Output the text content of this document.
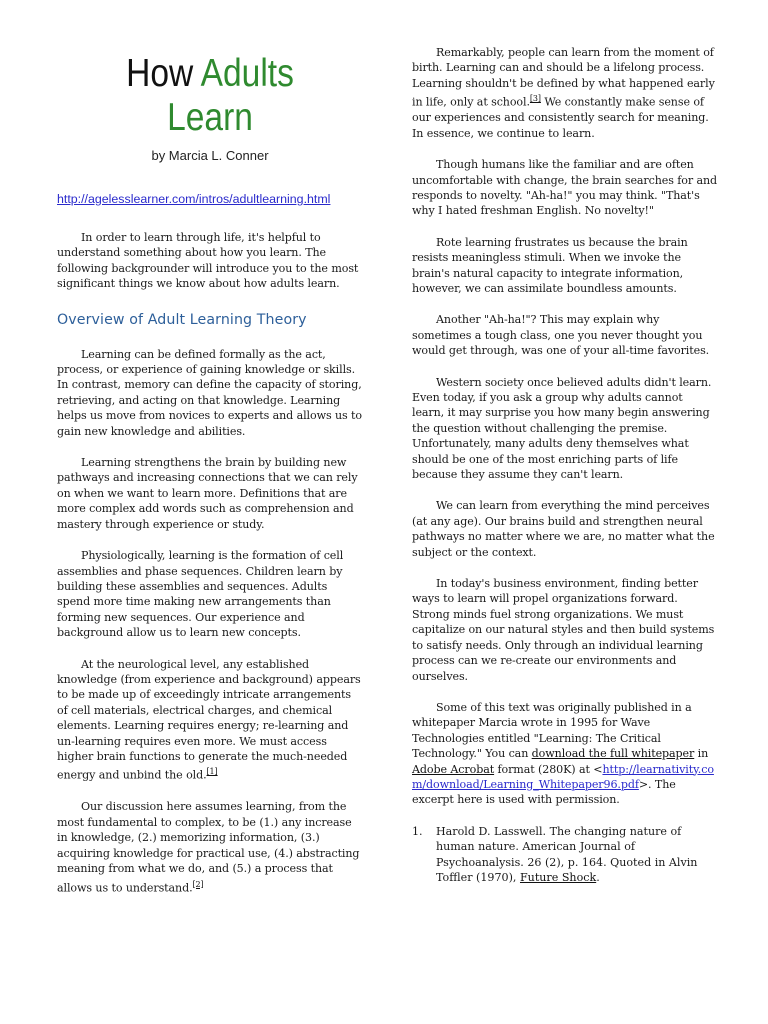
How Adults
Learn
by Marcia L. Conner
http://agelesslearner.com/intros/adultlearning.html

In order to learn through life, it's helpful to understand something about how you learn. The following backgrounder will introduce you to the most significant things we know about how adults learn.

Overview of Adult Learning Theory

Learning can be defined formally as the act, process, or experience of gaining knowledge or skills. In contrast, memory can define the capacity of storing, retrieving, and acting on that knowledge. Learning helps us move from novices to experts and allows us to gain new knowledge and abilities.

Learning strengthens the brain by building new pathways and increasing connections that we can rely on when we want to learn more. Definitions that are more complex add words such as comprehension and mastery through experience or study.

Physiologically, learning is the formation of cell assemblies and phase sequences. Children learn by building these assemblies and sequences. Adults spend more time making new arrangements than forming new sequences. Our experience and background allow us to learn new concepts.

At the neurological level, any established knowledge (from experience and background) appears to be made up of exceedingly intricate arrangements of cell materials, electrical charges, and chemical elements. Learning requires energy; re-learning and un-learning requires even more. We must access higher brain functions to generate the much-needed energy and unbind the old.[1]

Our discussion here assumes learning, from the most fundamental to complex, to be (1.) any increase in knowledge, (2.) memorizing information, (3.) acquiring knowledge for practical use, (4.) abstracting meaning from what we do, and (5.) a process that allows us to understand.[2]

Remarkably, people can learn from the moment of birth. Learning can and should be a lifelong process. Learning shouldn't be defined by what happened early in life, only at school.[3] We constantly make sense of our experiences and consistently search for meaning. In essence, we continue to learn.

Though humans like the familiar and are often uncomfortable with change, the brain searches for and responds to novelty. "Ah-ha!" you may think. "That's why I hated freshman English. No novelty!"

Rote learning frustrates us because the brain resists meaningless stimuli. When we invoke the brain's natural capacity to integrate information, however, we can assimilate boundless amounts.

Another "Ah-ha!"? This may explain why sometimes a tough class, one you never thought you would get through, was one of your all-time favorites.

Western society once believed adults didn't learn. Even today, if you ask a group why adults cannot learn, it may surprise you how many begin answering the question without challenging the premise. Unfortunately, many adults deny themselves what should be one of the most enriching parts of life because they assume they can't learn.

We can learn from everything the mind perceives (at any age). Our brains build and strengthen neural pathways no matter where we are, no matter what the subject or the context.

In today's business environment, finding better ways to learn will propel organizations forward. Strong minds fuel strong organizations. We must capitalize on our natural styles and then build systems to satisfy needs. Only through an individual learning process can we re-create our environments and ourselves.

Some of this text was originally published in a whitepaper Marcia wrote in 1995 for Wave Technologies entitled "Learning: The Critical Technology." You can download the full whitepaper in Adobe Acrobat format (280K) at <http://learnativity.com/download/Learning_Whitepaper96.pdf>. The excerpt here is used with permission.

1.	Harold D. Lasswell. The changing nature of human nature. American Journal of Psychoanalysis. 26 (2), p. 164. Quoted in Alvin Toffler (1970), Future Shock.
